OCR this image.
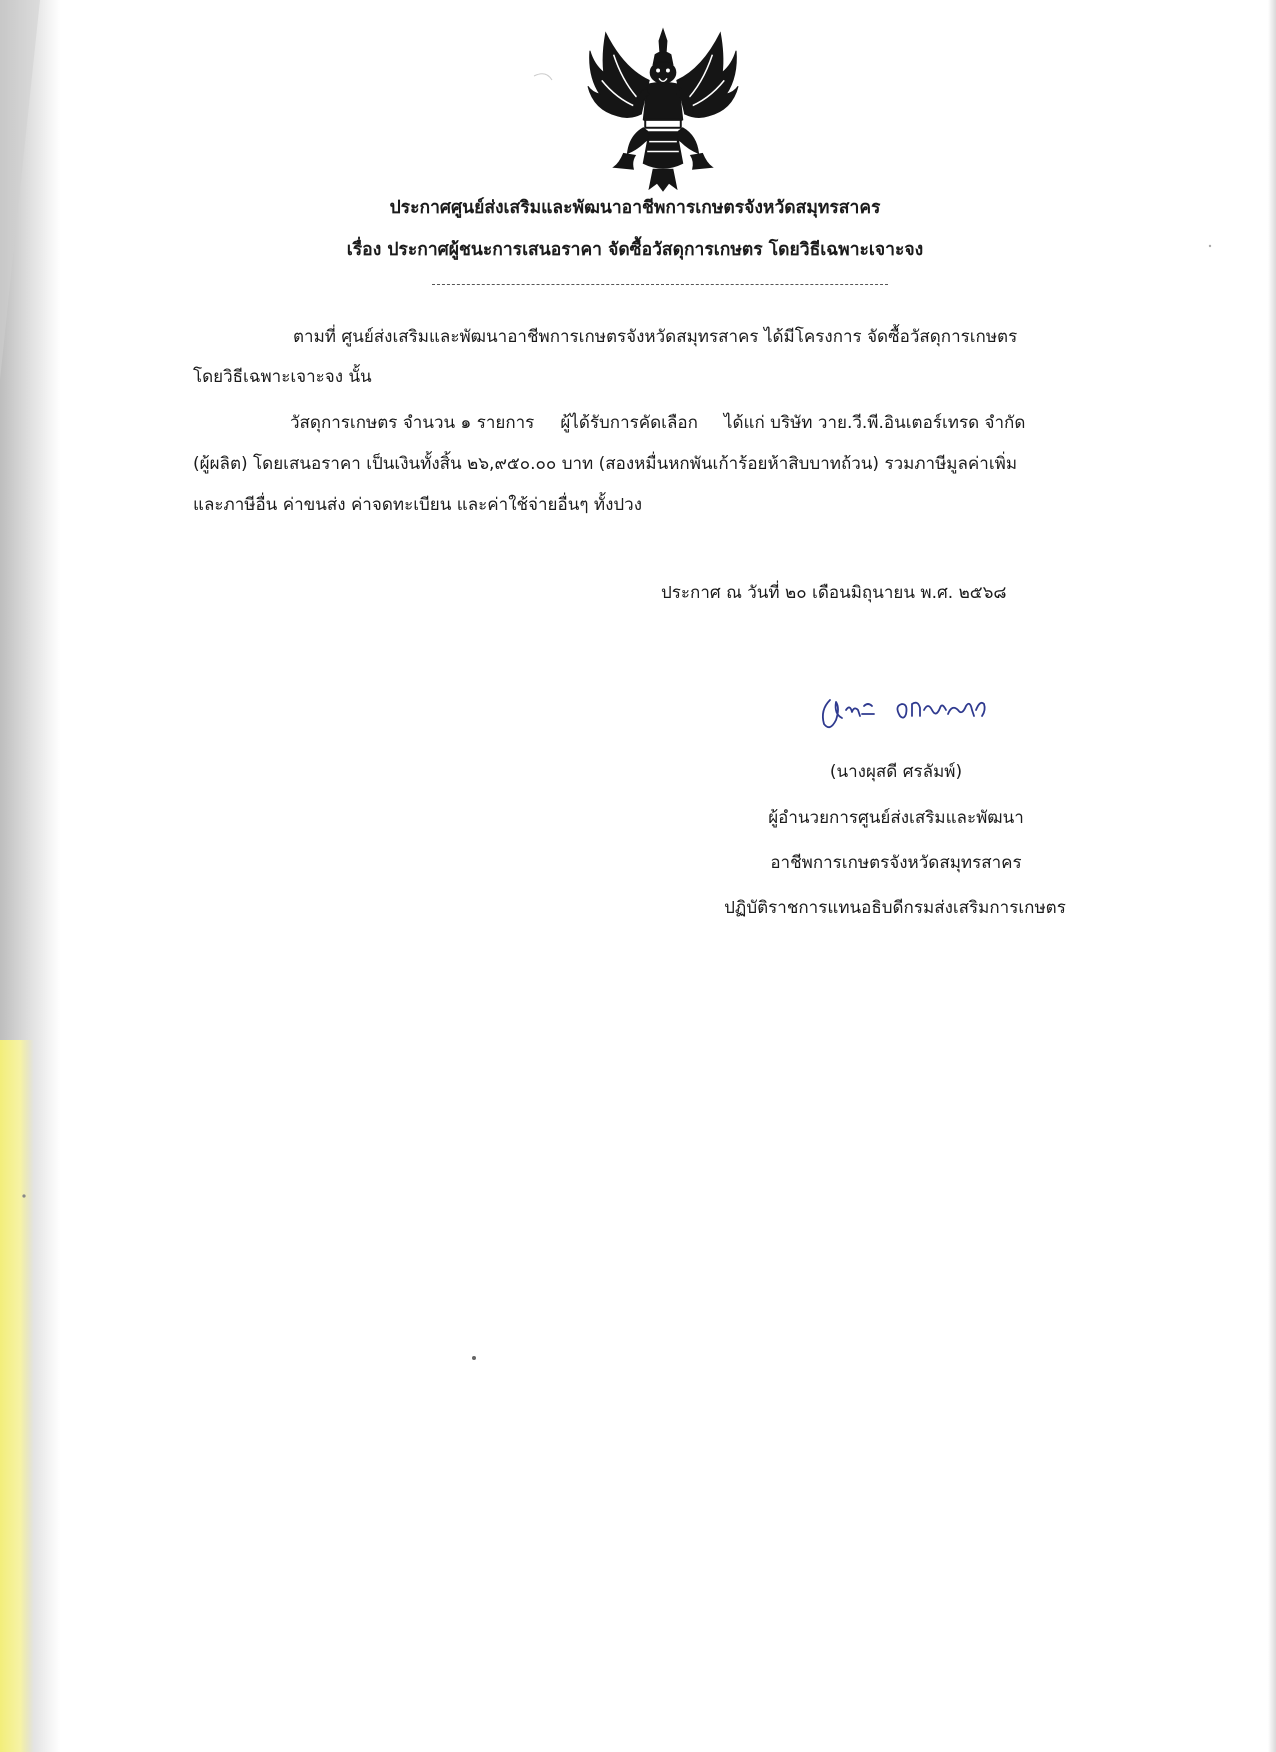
ประกาศศูนย์ส่งเสริมและพัฒนาอาชีพการเกษตรจังหวัดสมุทรสาคร
เรื่อง ประกาศผู้ชนะการเสนอราคา จัดซื้อวัสดุการเกษตร โดยวิธีเฉพาะเจาะจง
ตามที่ ศูนย์ส่งเสริมและพัฒนาอาชีพการเกษตรจังหวัดสมุทรสาคร ได้มีโครงการ จัดซื้อวัสดุการเกษตร
โดยวิธีเฉพาะเจาะจง นั้น
วัสดุการเกษตร จำนวน ๑ รายการ ผู้ได้รับการคัดเลือก ได้แก่ บริษัท วาย.วี.พี.อินเตอร์เทรด จำกัด
(ผู้ผลิต) โดยเสนอราคา เป็นเงินทั้งสิ้น ๒๖,๙๕๐.๐๐ บาท (สองหมื่นหกพันเก้าร้อยห้าสิบบาทถ้วน) รวมภาษีมูลค่าเพิ่ม
และภาษีอื่น ค่าขนส่ง ค่าจดทะเบียน และค่าใช้จ่ายอื่นๆ ทั้งปวง
ประกาศ ณ วันที่ ๒๐ เดือนมิถุนายน พ.ศ. ๒๕๖๘
(นางผุสดี ศรลัมพ์)
ผู้อำนวยการศูนย์ส่งเสริมและพัฒนา
อาชีพการเกษตรจังหวัดสมุทรสาคร
ปฏิบัติราชการแทนอธิบดีกรมส่งเสริมการเกษตร
